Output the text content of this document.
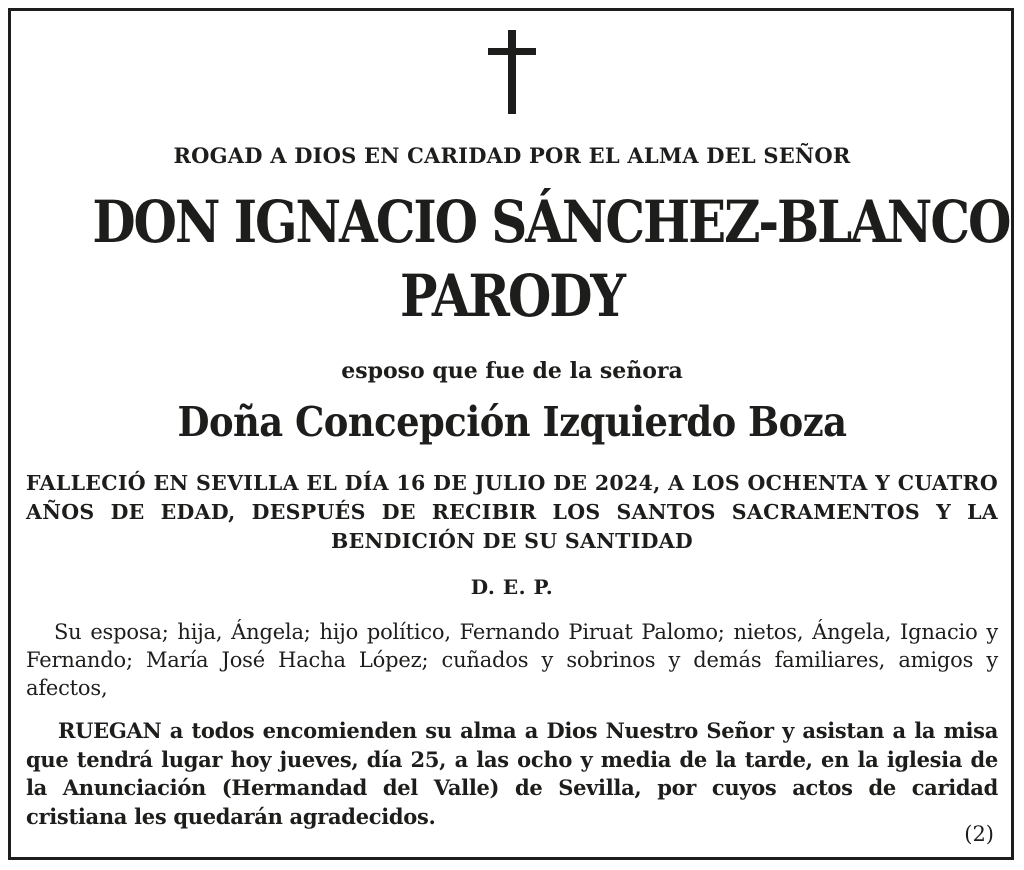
ROGAD A DIOS EN CARIDAD POR EL ALMA DEL SEÑOR
DON IGNACIO SÁNCHEZ-BLANCO
PARODY
esposo que fue de la señora
Doña Concepción Izquierdo Boza
FALLECIÓ EN SEVILLA EL DÍA 16 DE JULIO DE 2024, A LOS OCHENTA Y CUATRO AÑOS DE EDAD, DESPUÉS DE RECIBIR LOS SANTOS SACRAMENTOS Y LA BENDICIÓN DE SU SANTIDAD
D. E. P.
Su esposa; hija, Ángela; hijo político, Fernando Piruat Palomo; nietos, Ángela, Ignacio y Fernando; María José Hacha López; cuñados y sobrinos y demás familiares, amigos y afectos,
RUEGAN a todos encomienden su alma a Dios Nuestro Señor y asistan a la misa que tendrá lugar hoy jueves, día 25, a las ocho y media de la tarde, en la iglesia de la Anunciación (Hermandad del Valle) de Sevilla, por cuyos actos de caridad cristiana les quedarán agradecidos.
(2)
